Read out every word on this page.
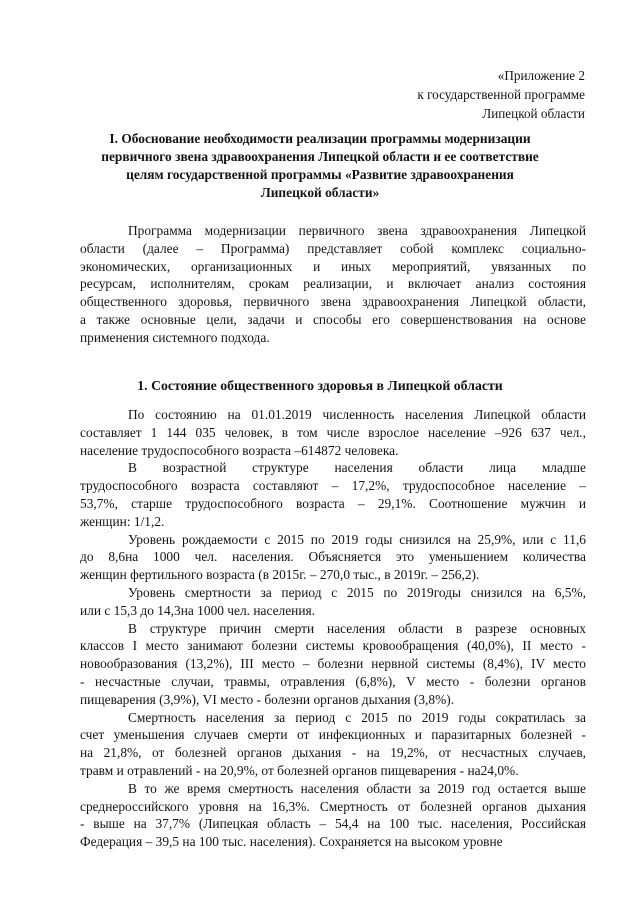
«Приложение 2
к государственной программе
Липецкой области
I. Обоснование необходимости реализации программы модернизации
первичного звена здравоохранения Липецкой области и ее соответствие
целям государственной программы «Развитие здравоохранения
Липецкой области»
Программа модернизации первичного звена здравоохранения Липецкой
области (далее – Программа) представляет собой комплекс социально-
экономических, организационных и иных мероприятий, увязанных по
ресурсам, исполнителям, срокам реализации, и включает анализ состояния
общественного здоровья, первичного звена здравоохранения Липецкой области,
а также основные цели, задачи и способы его совершенствования на основе
применения системного подхода.
1. Состояние общественного здоровья в Липецкой области
По состоянию на 01.01.2019 численность населения Липецкой области
составляет 1 144 035 человек, в том числе взрослое население –926 637 чел.,
население трудоспособного возраста –614872 человека.
В возрастной структуре населения области лица младше
трудоспособного возраста составляют – 17,2%, трудоспособное население –
53,7%, старше трудоспособного возраста – 29,1%. Соотношение мужчин и
женщин: 1/1,2.
Уровень рождаемости с 2015 по 2019 годы снизился на 25,9%, или с 11,6
до 8,6на 1000 чел. населения. Объясняется это уменьшением количества
женщин фертильного возраста (в 2015г. – 270,0 тыс., в 2019г. – 256,2).
Уровень смертности за период с 2015 по 2019годы снизился на 6,5%,
или с 15,3 до 14,3на 1000 чел. населения.
В структуре причин смерти населения области в разрезе основных
классов I место занимают болезни системы кровообращения (40,0%), II место -
новообразования (13,2%), III место – болезни нервной системы (8,4%), IV место
- несчастные случаи, травмы, отравления (6,8%), V место - болезни органов
пищеварения (3,9%), VI место - болезни органов дыхания (3,8%).
Смертность населения за период с 2015 по 2019 годы сократилась за
счет уменьшения случаев смерти от инфекционных и паразитарных болезней -
на 21,8%, от болезней органов дыхания - на 19,2%, от несчастных случаев,
травм и отравлений - на 20,9%, от болезней органов пищеварения - на24,0%.
В то же время смертность населения области за 2019 год остается выше
среднероссийского уровня на 16,3%. Смертность от болезней органов дыхания
- выше на 37,7% (Липецкая область – 54,4 на 100 тыс. населения, Российская
Федерация – 39,5 на 100 тыс. населения). Сохраняется на высоком уровне
